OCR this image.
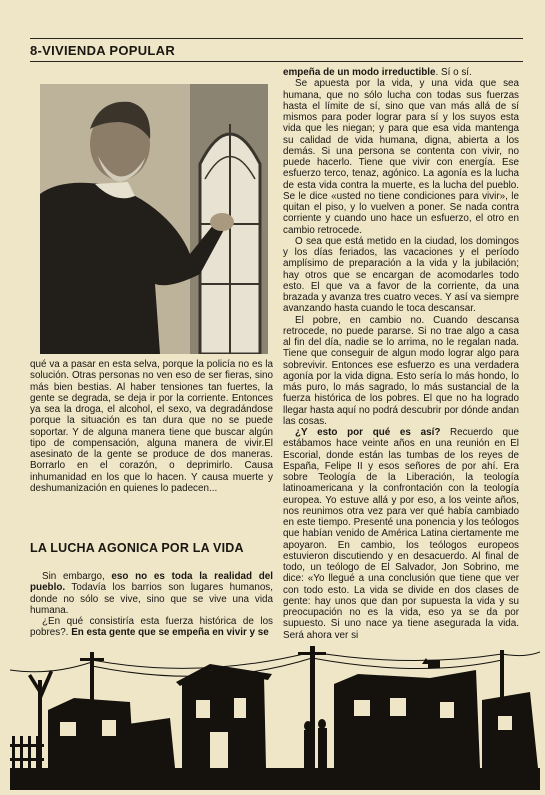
8-VIVIENDA POPULAR

qué va a pasar en esta selva, porque la policía no es la solución. Otras personas no ven eso de ser fieras, sino más bien bestias. Al haber tensiones tan fuertes, la gente se degrada, se deja ir por la corriente. Entonces ya sea la droga, el alcohol, el sexo, va degradándose porque la situación es tan dura que no se puede soportar. Y de alguna manera tiene que buscar algún tipo de compensación, alguna manera de vivir.El asesinato de la gente se produce de dos maneras. Borrarlo en el corazón, o deprimirlo. Causa inhumanidad en los que lo hacen. Y causa muerte y deshumanización en quienes lo padecen...

LA LUCHA AGONICA POR LA VIDA

Sin embargo, eso no es toda la realidad del pueblo. Todavía los barrios son lugares humanos, donde no sólo se vive, sino que se vive una vida humana.

¿En qué consistiría esta fuerza histórica de los pobres?. En esta gente que se empeña en vivir y se

empeña de un modo irreductible. Sí o sí.

Se apuesta por la vida, y una vida que sea humana, que no sólo lucha con todas sus fuerzas hasta el límite de sí, sino que van más allá de sí mismos para poder lograr para sí y los suyos esta vida que les niegan; y para que esa vida mantenga su calidad de vida humana, digna, abierta a los demás. Si una persona se contenta con vivir, no puede hacerlo. Tiene que vivir con energía. Ese esfuerzo terco, tenaz, agónico. La agonía es la lucha de esta vida contra la muerte, es la lucha del pueblo. Se le dice «usted no tiene condiciones para vivir», le quitan el piso, y lo vuelven a poner. Se nada contra corriente y cuando uno hace un esfuerzo, el otro en cambio retrocede.

O sea que está metido en la ciudad, los domingos y los días feriados, las vacaciones y el período amplísimo de preparación a la vida y la jubilación; hay otros que se encargan de acomodarles todo esto. El que va a favor de la corriente, da una brazada y avanza tres cuatro veces. Y así va siempre avanzando hasta cuando le toca descansar.

El pobre, en cambio no. Cuando descansa retrocede, no puede pararse. Si no trae algo a casa al fin del día, nadie se lo arrima, no le regalan nada. Tiene que conseguir de algun modo lograr algo para sobrevivir. Entonces ese esfuerzo es una verdadera agonía por la vida digna. Esto sería lo más hondo, lo más puro, lo más sagrado, lo más sustancial de la fuerza histórica de los pobres. El que no ha logrado llegar hasta aquí no podrá descubrir por dónde andan las cosas.

¿Y esto por qué es así? Recuerdo que estábamos hace veinte años en una reunión en El Escorial, donde están las tumbas de los reyes de España, Felipe II y esos señores de por ahí. Era sobre Teología de la Liberación, la teología latinoamericana y la confrontación con la teología europea. Yo estuve allá y por eso, a los veinte años, nos reunimos otra vez para ver qué había cambiado en este tiempo. Presenté una ponencia y los teólogos que habían venido de América Latina ciertamente me apoyaron. En cambio, los teólogos europeos estuvieron discutiendo y en desacuerdo. Al final de todo, un teólogo de El Salvador, Jon Sobrino, me dice: «Yo llegué a una conclusión que tiene que ver con todo esto. La vida se divide en dos clases de gente: hay unos que dan por supuesta la vida y su preocupación no es la vida, eso ya se da por supuesto. Si uno nace ya tiene asegurada la vida. Será ahora ver si
